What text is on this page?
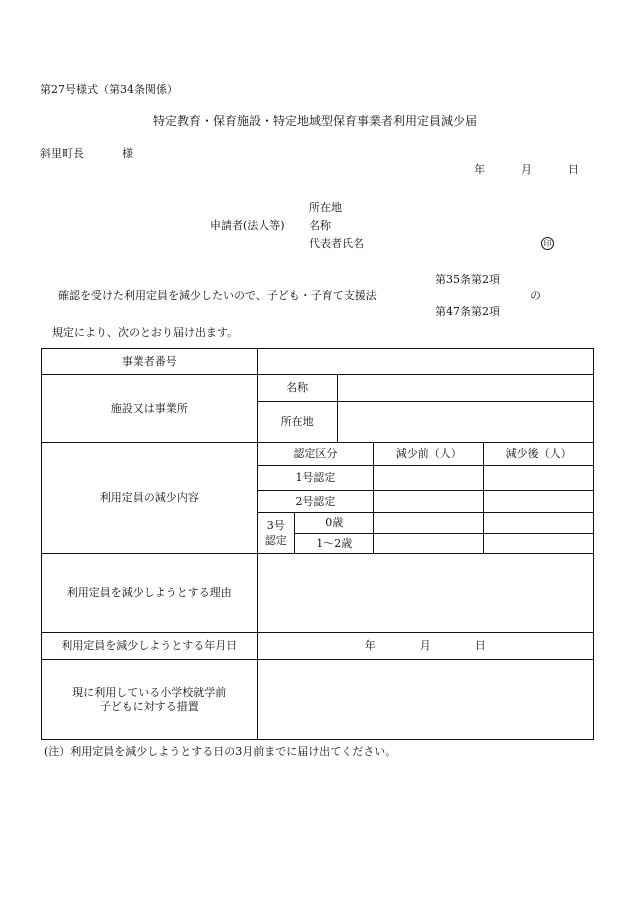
第27号様式（第34条関係）
特定教育・保育施設・特定地域型保育事業者利用定員減少届
斜里町長	様
年	月	日
所在地
申請者(法人等) 名称
代表者氏名	印
第35条第2項
確認を受けた利用定員を減少したいので、子ども・子育て支援法	の
第47条第2項
規定により、次のとおり届け出ます。
事業者番号					
施設又は事業所	名称				
	所在地				
利用定員の減少内容	認定区分			減少前（人）	減少後（人）
	1号認定				
	2号認定				

	3号認定	0歳			
		1～2歳			
利用定員を減少しようとする理由					
利用定員を減少しようとする年月日	年 月 日				

現に利用している小学校就学前
子どもに対する措置					

(注）利用定員を減少しようとする日の3月前までに届け出てください。
